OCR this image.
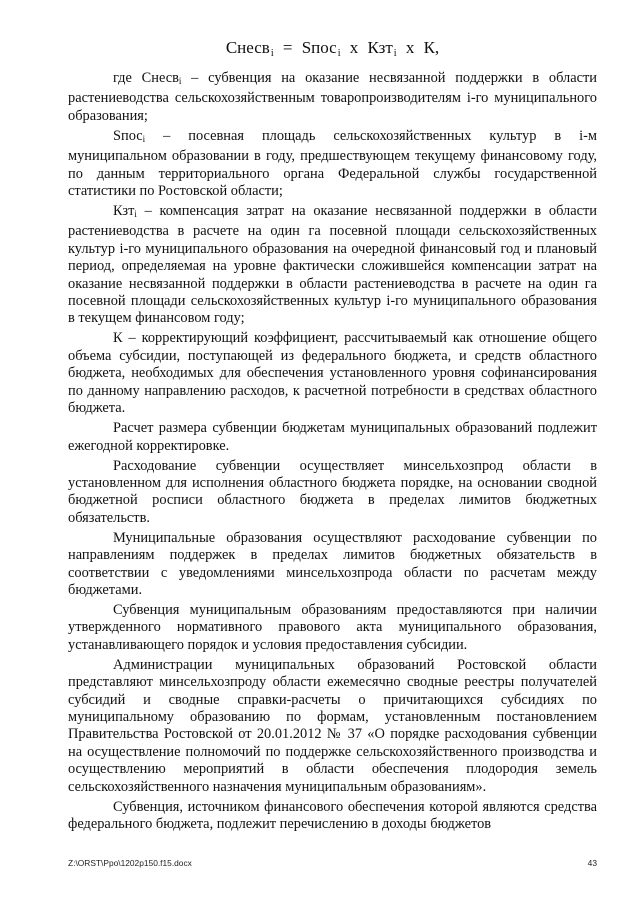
Снесв$_i$ = Sпос$_i$ х Кзт$_i$ х К,

где Снесв$_i$ – субвенция на оказание несвязанной поддержки в области растениеводства сельскохозяйственным товаропроизводителям i-го муниципального образования;

Sпос$_i$ – посевная площадь сельскохозяйственных культур в i-м муниципальном образовании в году, предшествующем текущему финансовому году, по данным территориального органа Федеральной службы государственной статистики по Ростовской области;

Кзт$_i$ – компенсация затрат на оказание несвязанной поддержки в области растениеводства в расчете на один га посевной площади сельскохозяйственных культур i-го муниципального образования на очередной финансовый год и плановый период, определяемая на уровне фактически сложившейся компенсации затрат на оказание несвязанной поддержки в области растениеводства в расчете на один га посевной площади сельскохозяйственных культур i-го муниципального образования в текущем финансовом году;

К – корректирующий коэффициент, рассчитываемый как отношение общего объема субсидии, поступающей из федерального бюджета, и средств областного бюджета, необходимых для обеспечения установленного уровня софинансирования по данному направлению расходов, к расчетной потребности в средствах областного бюджета.

Расчет размера субвенции бюджетам муниципальных образований подлежит ежегодной корректировке.

Расходование субвенции осуществляет минсельхозпрод области в установленном для исполнения областного бюджета порядке, на основании сводной бюджетной росписи областного бюджета в пределах лимитов бюджетных обязательств.

Муниципальные образования осуществляют расходование субвенции по направлениям поддержек в пределах лимитов бюджетных обязательств в соответствии с уведомлениями минсельхозпрода области по расчетам между бюджетами.

Субвенция муниципальным образованиям предоставляются при наличии утвержденного нормативного правового акта муниципального образования, устанавливающего порядок и условия предоставления субсидии.

Администрации муниципальных образований Ростовской области представляют минсельхозпроду области ежемесячно сводные реестры получателей субсидий и сводные справки-расчеты о причитающихся субсидиях по муниципальному образованию по формам, установленным постановлением Правительства Ростовской от 20.01.2012 № 37 «О порядке расходования субвенции на осуществление полномочий по поддержке сельскохозяйственного производства и осуществлению мероприятий в области обеспечения плодородия земель сельскохозяйственного назначения муниципальным образованиям».

Субвенция, источником финансового обеспечения которой являются средства федерального бюджета, подлежит перечислению в доходы бюджетов

Z:\ORST\Ppo\1202p150.f15.docx	43
